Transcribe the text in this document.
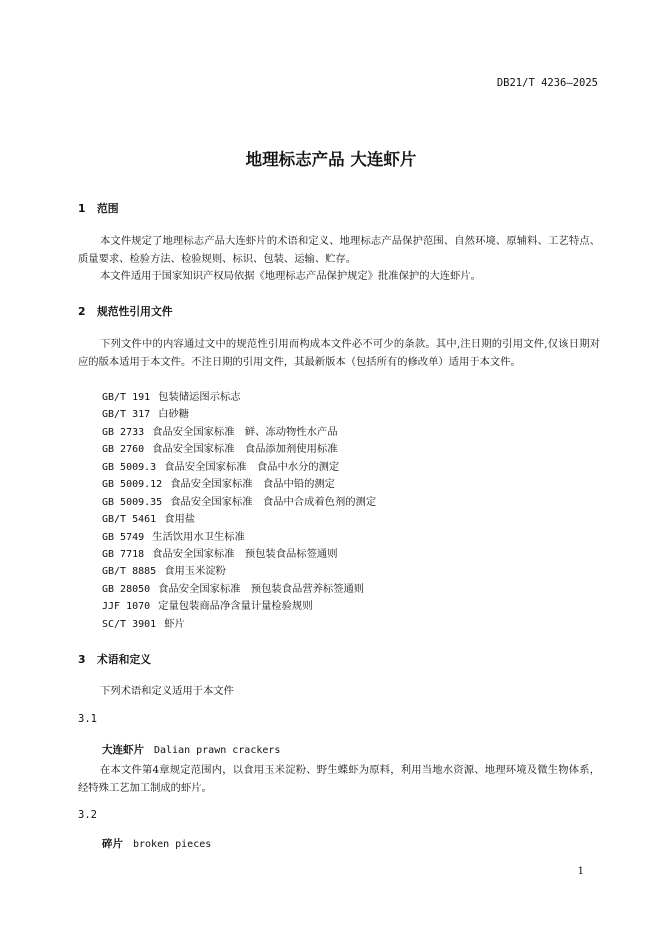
DB21/T 4236—2025
地理标志产品 大连虾片
1 范围
本文件规定了地理标志产品大连虾片的术语和定义、地理标志产品保护范围、自然环境、原辅料、工艺特点、质量要求、检验方法、检验规则、标识、包装、运输、贮存。
本文件适用于国家知识产权局依据《地理标志产品保护规定》批准保护的大连虾片。
2 规范性引用文件
下列文件中的内容通过文中的规范性引用而构成本文件必不可少的条款。其中,注日期的引用文件,仅该日期对应的版本适用于本文件。不注日期的引用文件，其最新版本（包括所有的修改单）适用于本文件。
GB/T 191 包装储运图示标志
GB/T 317 白砂糖
GB 2733 食品安全国家标准　鲜、冻动物性水产品
GB 2760 食品安全国家标准　食品添加剂使用标准
GB 5009.3 食品安全国家标准　食品中水分的测定
GB 5009.12 食品安全国家标准　食品中铅的测定
GB 5009.35 食品安全国家标准　食品中合成着色剂的测定
GB/T 5461 食用盐
GB 5749 生活饮用水卫生标准
GB 7718 食品安全国家标准　预包装食品标签通则
GB/T 8885 食用玉米淀粉
GB 28050 食品安全国家标准　预包装食品营养标签通则
JJF 1070 定量包装商品净含量计量检验规则
SC/T 3901 虾片
3 术语和定义
下列术语和定义适用于本文件
3.1
大连虾片 Dalian prawn crackers
在本文件第4章规定范围内，以食用玉米淀粉、野生蝶虾为原料，利用当地水资源、地理环境及微生物体系，经特殊工艺加工制成的虾片。
3.2
碎片 broken pieces
1
